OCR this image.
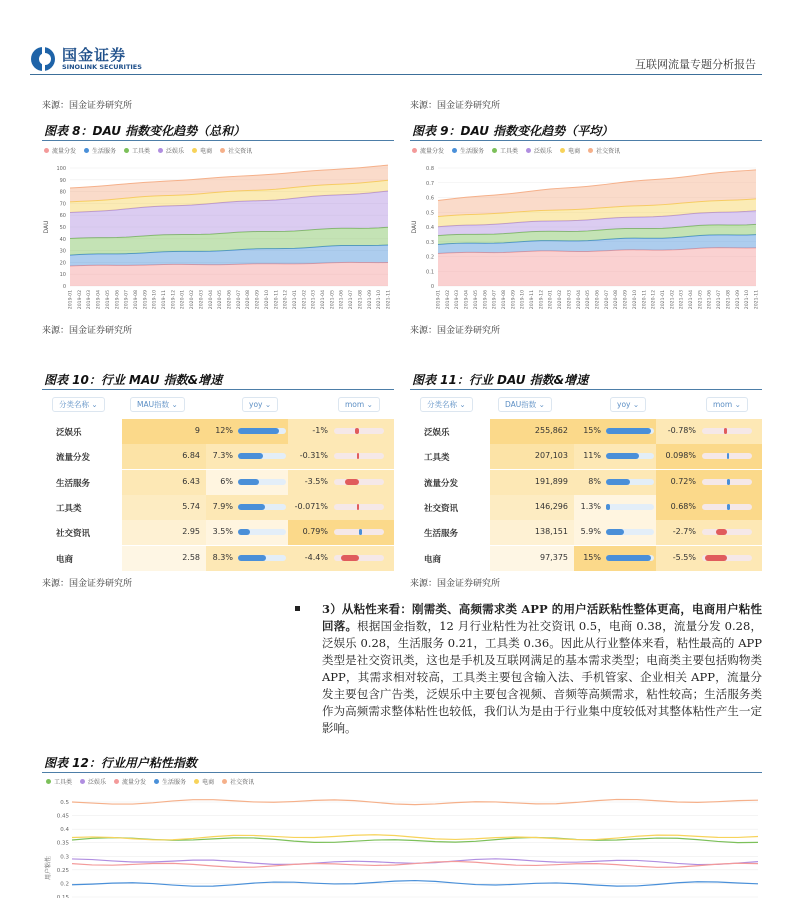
国金证券
SINOLINK SECURITIES	互联网流量专题分析报告
来源：国金证券研究所	来源：国金证券研究所
图表 8：DAU 指数变化趋势（总和）
流量分发	生活服务	工具类	泛娱乐	电商	社交资讯
0
10
20
30
40
50
60
70
80
90
100
DAU
2019-01 2019-02 2019-03 2019-04 2019-05 2019-06 2019-07 2019-08 2019-09 2019-10 2019-11 2019-12 2020-01 2020-02 2020-03 2020-04 2020-05 2020-06 2020-07 2020-08 2020-09 2020-10 2020-11 2020-12 2021-01 2021-02 2021-03 2021-04 2021-05 2021-06 2021-07 2021-08 2021-09 2021-10 2021-11
来源：国金证券研究所
图表 9：DAU 指数变化趋势（平均）
流量分发	生活服务	工具类	泛娱乐	电商	社交资讯
0
0.1
0.2
0.3
0.4
0.5
0.6
0.7
0.8
DAU
2019-01 2019-02 2019-03 2019-04 2019-05 2019-06 2019-07 2019-08 2019-09 2019-10 2019-11 2019-12 2020-01 2020-02 2020-03 2020-04 2020-05 2020-06 2020-07 2020-08 2020-09 2020-10 2020-11 2020-12 2021-01 2021-02 2021-03 2021-04 2021-05 2021-06 2021-07 2021-08 2021-09 2021-10 2021-11
来源：国金证券研究所
图表 10：行业 MAU 指数&增速
分类名称 ⌄	MAU指数 ⌄	yoy ⌄	mom ⌄
泛娱乐	9	12%	-1%
流量分发	6.84	7.3%	-0.31%
生活服务	6.43	6%	-3.5%
工具类	5.74	7.9%	-0.071%
社交资讯	2.95	3.5%	0.79%
电商	2.58	8.3%	-4.4%
来源：国金证券研究所
图表 11：行业 DAU 指数&增速
分类名称 ⌄	DAU指数 ⌄	yoy ⌄	mom ⌄
泛娱乐	255,862	15%	-0.78%
工具类	207,103	11%	0.098%
流量分发	191,899	8%	0.72%
社交资讯	146,296	1.3%	0.68%
生活服务	138,151	5.9%	-2.7%
电商	97,375	15%	-5.5%
来源：国金证券研究所
3）从粘性来看：刚需类、高频需求类 APP 的用户活跃粘性整体更高，电商用户粘性回落。根据国金指数，12 月行业粘性为社交资讯 0.5，电商 0.38，流量分发 0.28，泛娱乐 0.28，生活服务 0.21，工具类 0.36。因此从行业整体来看，粘性最高的 APP 类型是社交资讯类，这也是手机及互联网满足的基本需求类型；电商类主要包括购物类 APP，其需求相对较高，工具类主要包含输入法、手机管家、企业相关 APP，流量分发主要包含广告类，泛娱乐中主要包含视频、音频等高频需求，粘性较高；生活服务类作为高频需求整体粘性也较低，我们认为是由于行业集中度较低对其整体粘性产生一定影响。
图表 12：行业用户粘性指数
工具类	泛娱乐	流量分发	生活服务	电商	社交资讯
0.15
0.2
0.25
0.3
0.35
0.4
0.45
0.5
用户粘性
